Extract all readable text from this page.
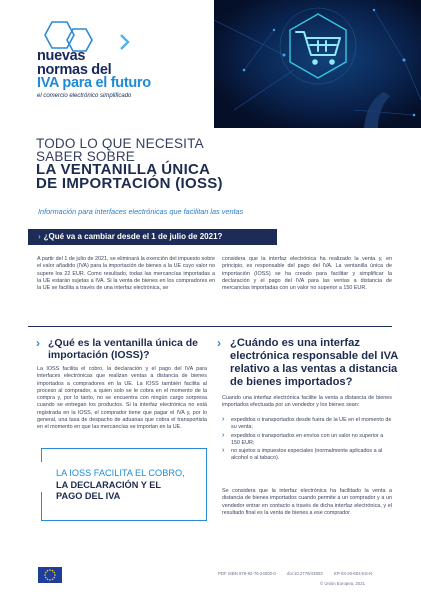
nuevas
normas del
IVA para el futuro
el comercio electrónico simplificado
TODO LO QUE NECESITA
SABER SOBRE
LA VENTANILLA ÚNICA
DE IMPORTACIÓN (IOSS)
Información para interfaces electrónicas que facilitan las ventas
› ¿Qué va a cambiar desde el 1 de julio de 2021?
A partir del 1 de julio de 2021, se eliminará la exención del impuesto sobre el valor añadido (IVA) para la importación de bienes a la UE cuyo valor no supere los 22 EUR. Como resultado, todas las mercancías importadas a la UE estarán sujetas a IVA. Si la venta de bienes en los compradores en la UE se facilita a través de una interfaz electrónica, se
considera que la interfaz electrónica ha realizado la venta y, en principio, es responsable del pago del IVA. La ventanilla única de importación (IOSS) se ha creado para facilitar y simplificar la declaración y el pago del IVA para las ventas a distancia de mercancías importadas con un valor no superior a 150 EUR.
› ¿Qué es la ventanilla única de importación (IOSS)?
La IOSS facilita el cobro, la declaración y el pago del IVA para interfaces electrónicas que realizan ventas a distancia de bienes importados a compradores en la UE. La IOSS también facilita al proceso al comprador, a quien solo se le cobra en el momento de la compra y, por lo tanto, no se encuentra con ningún cargo sorpresa cuando se entregan los productos. Si la interfaz electrónica no está registrada en la IOSS, el comprador tiene que pagar el IVA y, por lo general, una tasa de despacho de aduanas que cobra el transportista en el momento en que las mercancías se importan en la UE.
› ¿Cuándo es una interfaz electrónica responsable del IVA relativo a las ventas a distancia de bienes importados?
Cuando una interfaz electrónica facilite la venta a distancia de bienes importados efectuada por un vendedor y los bienes sean:
› expedidos o transportados desde fuera de la UE en el momento de su venta;
› expedidos o transportados en envíos con un valor no superior a 150 EUR;
› no sujetos a impuestos especiales (normalmente aplicados a al alcohol o al tabaco).
Se considera que la interfaz electrónica ha facilitado la venta a distancia de bienes importados cuando permite a un comprador y a un vendedor entrar en contacto a través de dicha interfaz electrónica, y el resultado final es la venta de bienes a ese comprador.
LA IOSS FACILITA EL COBRO,
LA DECLARACIÓN Y EL
PAGO DEL IVA
PDF ISBN 978-92-76-24000-0	doi:10.2778/43803	KP-03-20-604-ES-N
© Unión Europea, 2021
